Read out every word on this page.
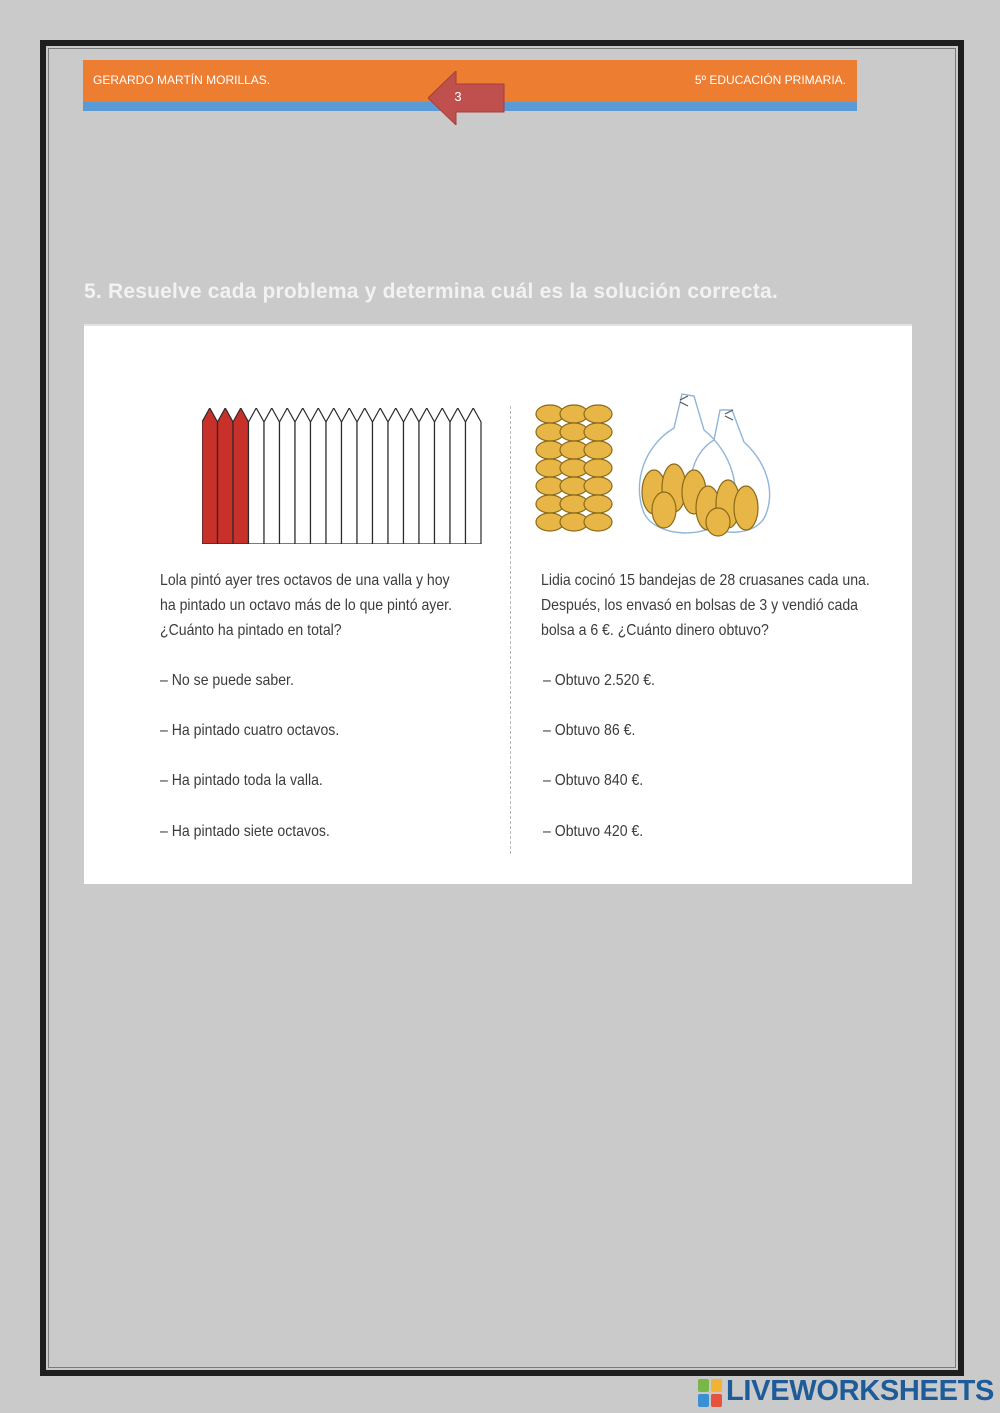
GERARDO MARTÍN MORILLAS.	5º EDUCACIÓN PRIMARIA.
3
5. Resuelve cada problema y determina cuál es la solución correcta.

Lola pintó ayer tres octavos de una valla y hoy

ha pintado un octavo más de lo que pintó ayer.

¿Cuánto ha pintado en total?

– No se puede saber.
– Ha pintado cuatro octavos.
– Ha pintado toda la valla.
– Ha pintado siete octavos.

Lidia cocinó 15 bandejas de 28 cruasanes cada una.

Después, los envasó en bolsas de 3 y vendió cada

bolsa a 6 €. ¿Cuánto dinero obtuvo?

– Obtuvo 2.520 €.
– Obtuvo 86 €.
– Obtuvo 840 €.
– Obtuvo 420 €.
LIVEWORKSHEETS
